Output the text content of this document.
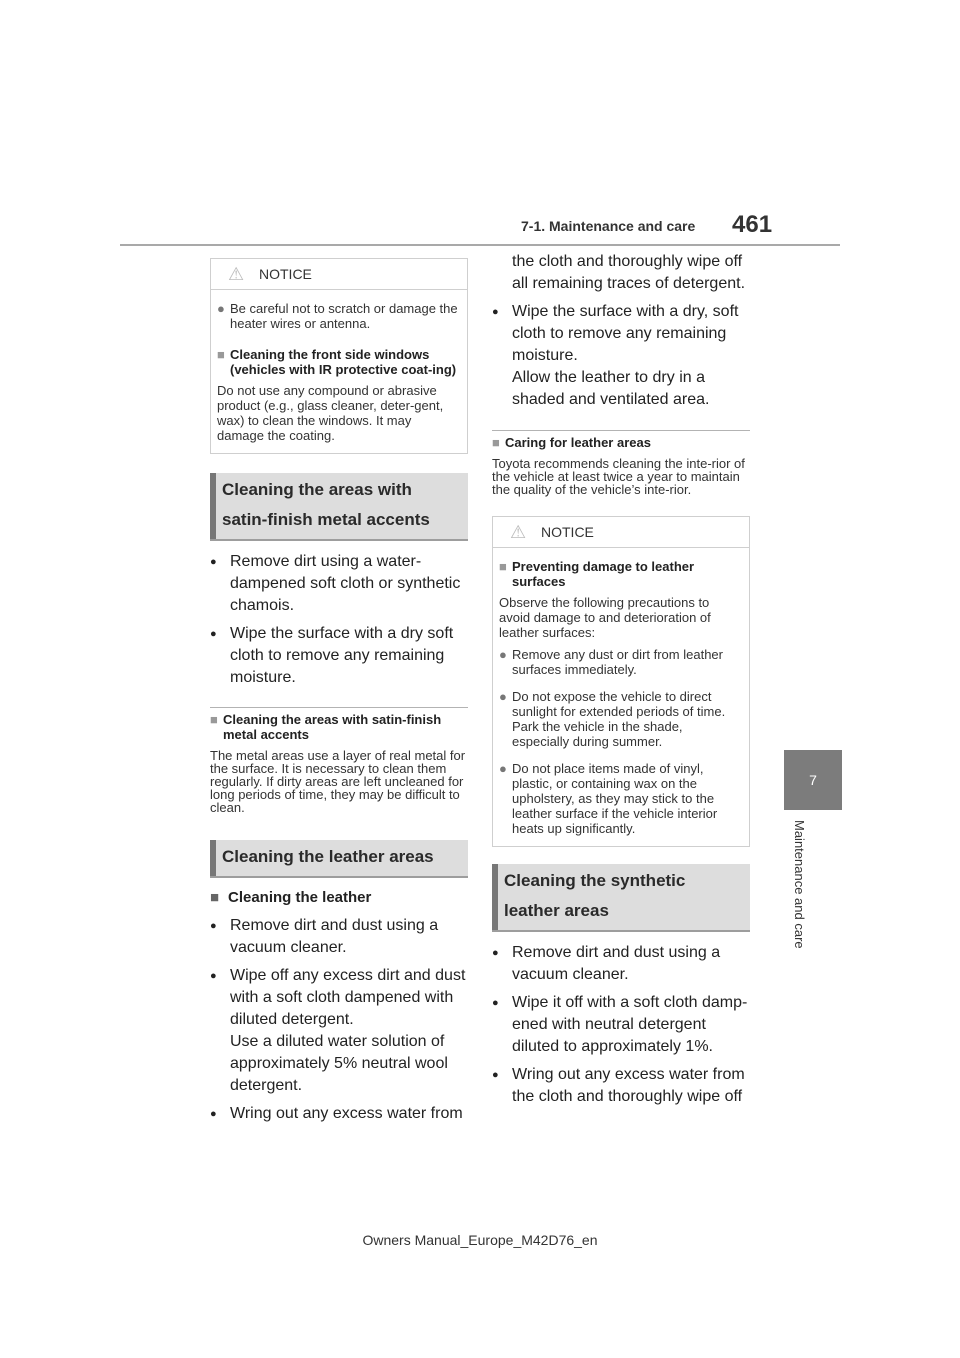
7-1. Maintenance and care 461
7
Maintenance and care
⚠ NOTICE
● Be careful not to scratch or damage the heater wires or antenna.
■ Cleaning the front side windows (vehicles with IR protective coat-ing)
Do not use any compound or abrasive product (e.g., glass cleaner, deter-gent, wax) to clean the windows. It may damage the coating.
Cleaning the areas with satin-finish metal accents
● Remove dirt using a water-dampened soft cloth or synthetic chamois.
● Wipe the surface with a dry soft cloth to remove any remaining moisture.
■ Cleaning the areas with satin-finish metal accents
The metal areas use a layer of real metal for the surface. It is necessary to clean them regularly. If dirty areas are left uncleaned for long periods of time, they may be difficult to clean.
Cleaning the leather areas
■ Cleaning the leather
● Remove dirt and dust using a vacuum cleaner.
● Wipe off any excess dirt and dust with a soft cloth dampened with diluted detergent.
Use a diluted water solution of approximately 5% neutral wool detergent.
● Wring out any excess water from
the cloth and thoroughly wipe off all remaining traces of detergent.
● Wipe the surface with a dry, soft cloth to remove any remaining moisture.
Allow the leather to dry in a shaded and ventilated area.
■ Caring for leather areas
Toyota recommends cleaning the inte-rior of the vehicle at least twice a year to maintain the quality of the vehicle’s inte-rior.
⚠ NOTICE
■ Preventing damage to leather surfaces
Observe the following precautions to avoid damage to and deterioration of leather surfaces:
● Remove any dust or dirt from leather surfaces immediately.
● Do not expose the vehicle to direct sunlight for extended periods of time. Park the vehicle in the shade, especially during summer.
● Do not place items made of vinyl, plastic, or containing wax on the upholstery, as they may stick to the leather surface if the vehicle interior heats up significantly.
Cleaning the synthetic leather areas
● Remove dirt and dust using a vacuum cleaner.
● Wipe it off with a soft cloth damp-ened with neutral detergent diluted to approximately 1%.
● Wring out any excess water from the cloth and thoroughly wipe off
Owners Manual_Europe_M42D76_en
